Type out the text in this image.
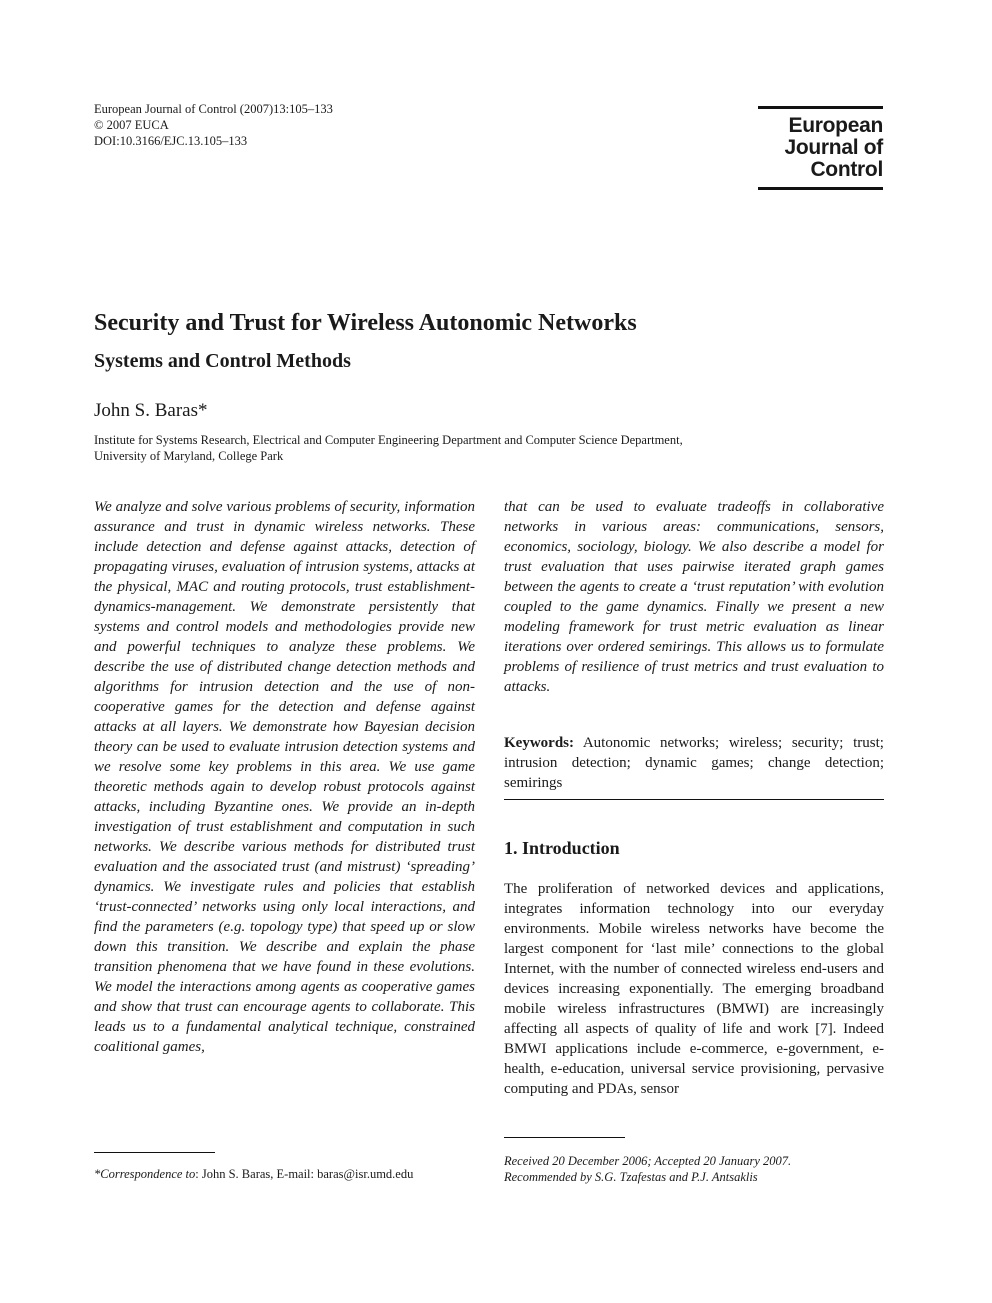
European Journal of Control (2007)13:105–133
© 2007 EUCA
DOI:10.3166/EJC.13.105–133
European
Journal of
Control
Security and Trust for Wireless Autonomic Networks
Systems and Control Methods
John S. Baras*
Institute for Systems Research, Electrical and Computer Engineering Department and Computer Science Department,
University of Maryland, College Park

We analyze and solve various problems of security, information assurance and trust in dynamic wireless networks. These include detection and defense against attacks, detection of propagating viruses, evaluation of intrusion systems, attacks at the physical, MAC and routing protocols, trust establishment-dynamics-management. We demonstrate persistently that systems and control models and methodologies provide new and powerful techniques to analyze these problems. We describe the use of distributed change detection methods and algorithms for intrusion detection and the use of non-cooperative games for the detection and defense against attacks at all layers. We demonstrate how Bayesian decision theory can be used to evaluate intrusion detection systems and we resolve some key problems in this area. We use game theoretic methods again to develop robust protocols against attacks, including Byzantine ones. We provide an in-depth investigation of trust establishment and computation in such networks. We describe various methods for distributed trust evaluation and the associated trust (and mistrust) ‘spreading’ dynamics. We investigate rules and policies that establish ‘trust-connected’ networks using only local interactions, and find the parameters (e.g. topology type) that speed up or slow down this transition. We describe and explain the phase transition phenomena that we have found in these evolutions. We model the interactions among agents as cooperative games and show that trust can encourage agents to collaborate. This leads us to a fundamental analytical technique, constrained coalitional games,

that can be used to evaluate tradeoffs in collaborative networks in various areas: communications, sensors, economics, sociology, biology. We also describe a model for trust evaluation that uses pairwise iterated graph games between the agents to create a ‘trust reputation’ with evolution coupled to the game dynamics. Finally we present a new modeling framework for trust metric evaluation as linear iterations over ordered semirings. This allows us to formulate problems of resilience of trust metrics and trust evaluation to attacks.

Keywords: Autonomic networks; wireless; security; trust; intrusion detection; dynamic games; change detection; semirings

1. Introduction

The proliferation of networked devices and applications, integrates information technology into our everyday environments. Mobile wireless networks have become the largest component for ‘last mile’ connections to the global Internet, with the number of connected wireless end-users and devices increasing exponentially. The emerging broadband mobile wireless infrastructures (BMWI) are increasingly affecting all aspects of quality of life and work [7]. Indeed BMWI applications include e-commerce, e-government, e-health, e-education, universal service provisioning, pervasive computing and PDAs, sensor

*Correspondence to: John S. Baras, E-mail: baras@isr.umd.edu
Received 20 December 2006; Accepted 20 January 2007.
Recommended by S.G. Tzafestas and P.J. Antsaklis
